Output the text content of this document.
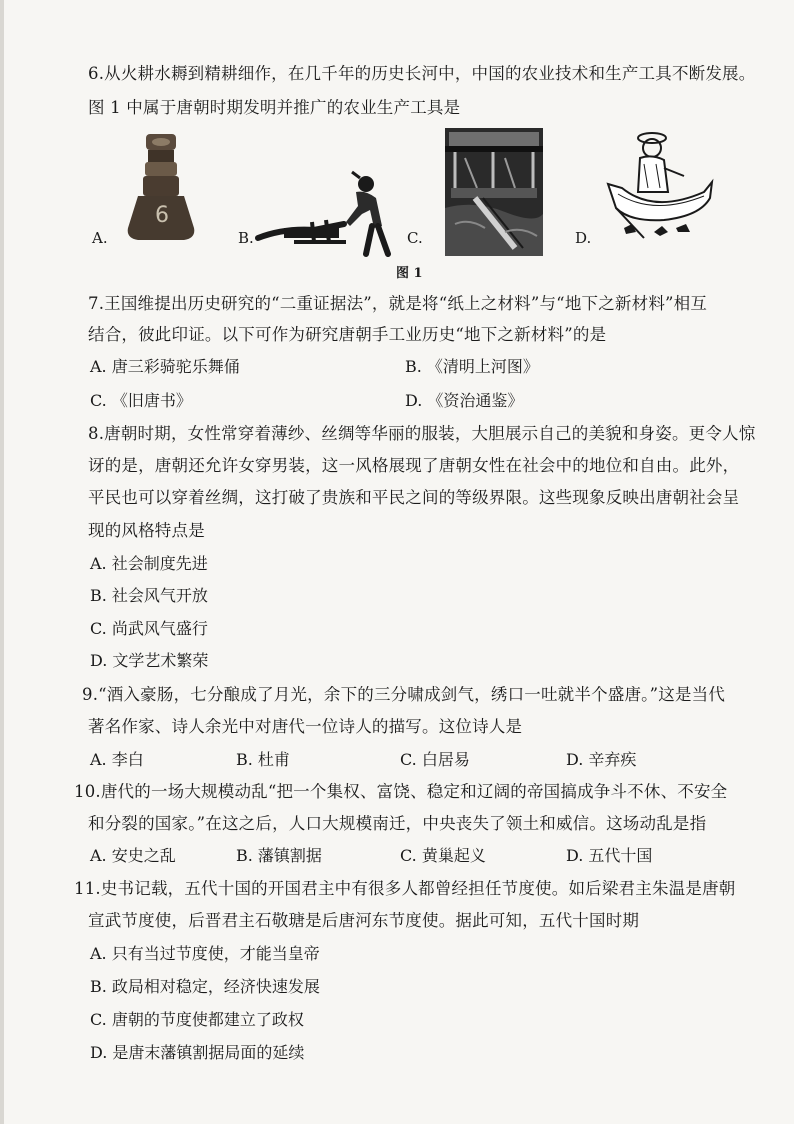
6.从火耕水耨到精耕细作，在几千年的历史长河中，中国的农业技术和生产工具不断发展。
图 1 中属于唐朝时期发明并推广的农业生产工具是
A.
6
B.	C.	D.
图 1
7.王国维提出历史研究的“二重证据法”，就是将“纸上之材料”与“地下之新材料”相互
结合，彼此印证。以下可作为研究唐朝手工业历史“地下之新材料”的是
A. 唐三彩骑驼乐舞俑	B. 《清明上河图》
C. 《旧唐书》	D. 《资治通鉴》
8.唐朝时期，女性常穿着薄纱、丝绸等华丽的服装，大胆展示自己的美貌和身姿。更令人惊
讶的是，唐朝还允许女穿男装，这一风格展现了唐朝女性在社会中的地位和自由。此外，
平民也可以穿着丝绸，这打破了贵族和平民之间的等级界限。这些现象反映出唐朝社会呈
现的风格特点是
A. 社会制度先进
B. 社会风气开放
C. 尚武风气盛行
D. 文学艺术繁荣
9.“酒入豪肠，七分酿成了月光，余下的三分啸成剑气，绣口一吐就半个盛唐。”这是当代
著名作家、诗人余光中对唐代一位诗人的描写。这位诗人是
A. 李白	B. 杜甫	C. 白居易	D. 辛弃疾
10.唐代的一场大规模动乱“把一个集权、富饶、稳定和辽阔的帝国搞成争斗不休、不安全
和分裂的国家。”在这之后，人口大规模南迁，中央丧失了领土和威信。这场动乱是指
A. 安史之乱	B. 藩镇割据	C. 黄巢起义	D. 五代十国
11.史书记载，五代十国的开国君主中有很多人都曾经担任节度使。如后梁君主朱温是唐朝
宣武节度使，后晋君主石敬瑭是后唐河东节度使。据此可知，五代十国时期
A. 只有当过节度使，才能当皇帝
B. 政局相对稳定，经济快速发展
C. 唐朝的节度使都建立了政权
D. 是唐末藩镇割据局面的延续
